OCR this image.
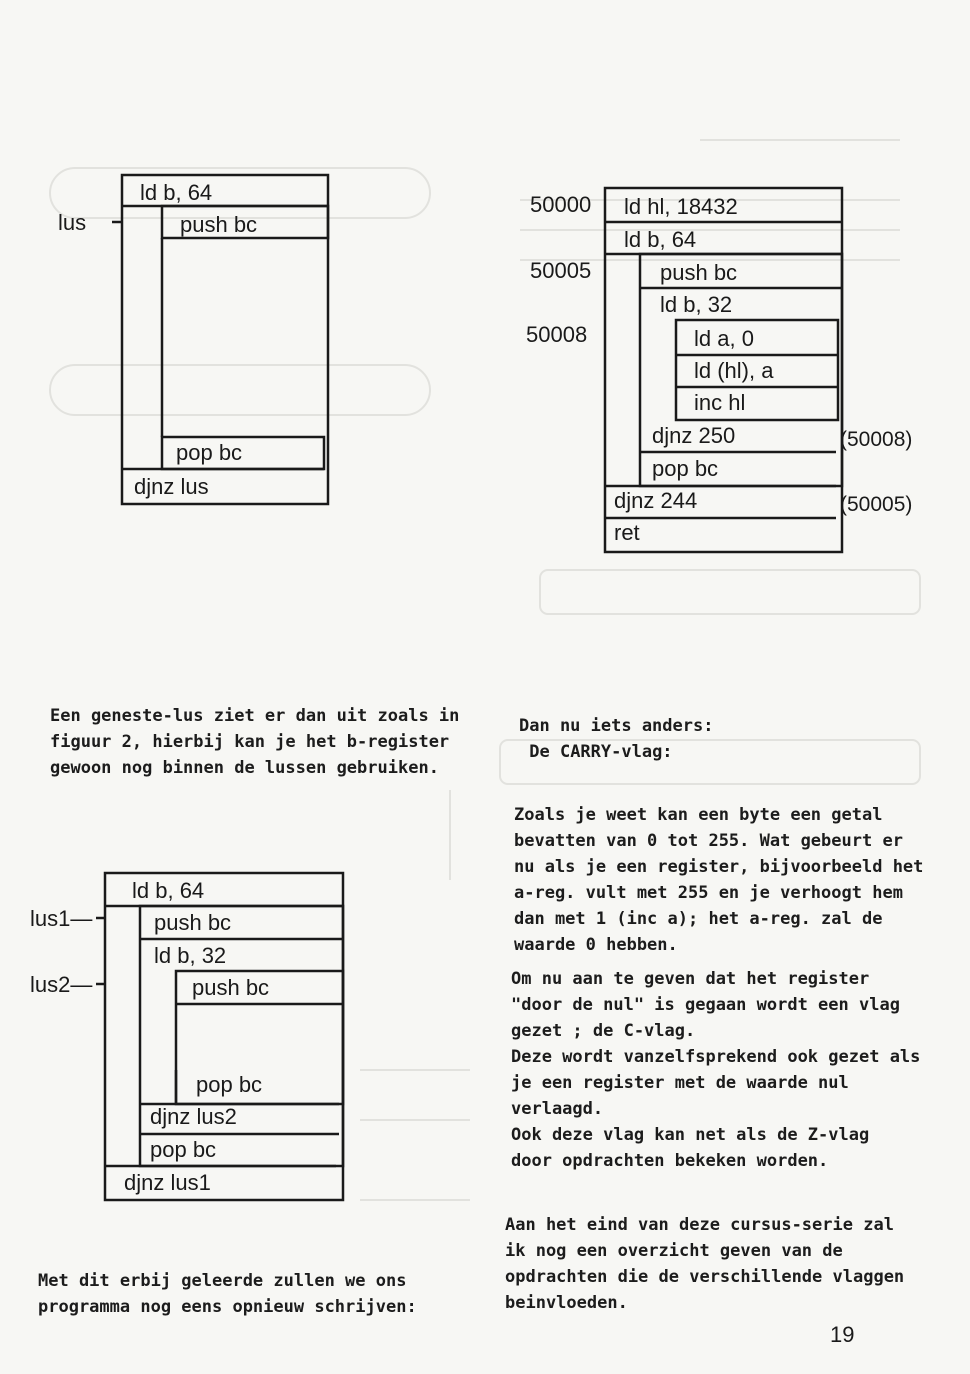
lus
ld b, 64
push bc
pop bc
djnz lus
50000
50005
50008
ld hl, 18432
ld b, 64
push bc
ld b, 32
ld a, 0
ld (hl), a
inc hl
djnz 250
pop bc
djnz 244
ret
(50008)
(50005)
lus1—
lus2—
ld b, 64
push bc
ld b, 32
push bc
pop bc
djnz lus2
pop bc
djnz lus1

Een geneste-lus ziet er dan uit zoals in
figuur 2, hierbij kan je het b-register
gewoon nog binnen de lussen gebruiken.

Met dit erbij geleerde zullen we ons
programma nog eens opnieuw schrijven:

Dan nu iets anders:
De CARRY-vlag:

Zoals je weet kan een byte een getal
bevatten van 0 tot 255. Wat gebeurt er
nu als je een register, bijvoorbeeld het
a-reg. vult met 255 en je verhoogt hem
dan met 1 (inc a); het a-reg. zal de
waarde 0 hebben.

Om nu aan te geven dat het register
"door de nul" is gegaan wordt een vlag
gezet ; de C-vlag.
Deze wordt vanzelfsprekend ook gezet als
je een register met de waarde nul
verlaagd.
Ook deze vlag kan net als de Z-vlag
door opdrachten bekeken worden.

Aan het eind van deze cursus-serie zal
ik nog een overzicht geven van de
opdrachten die de verschillende vlaggen
beinvloeden.

19
